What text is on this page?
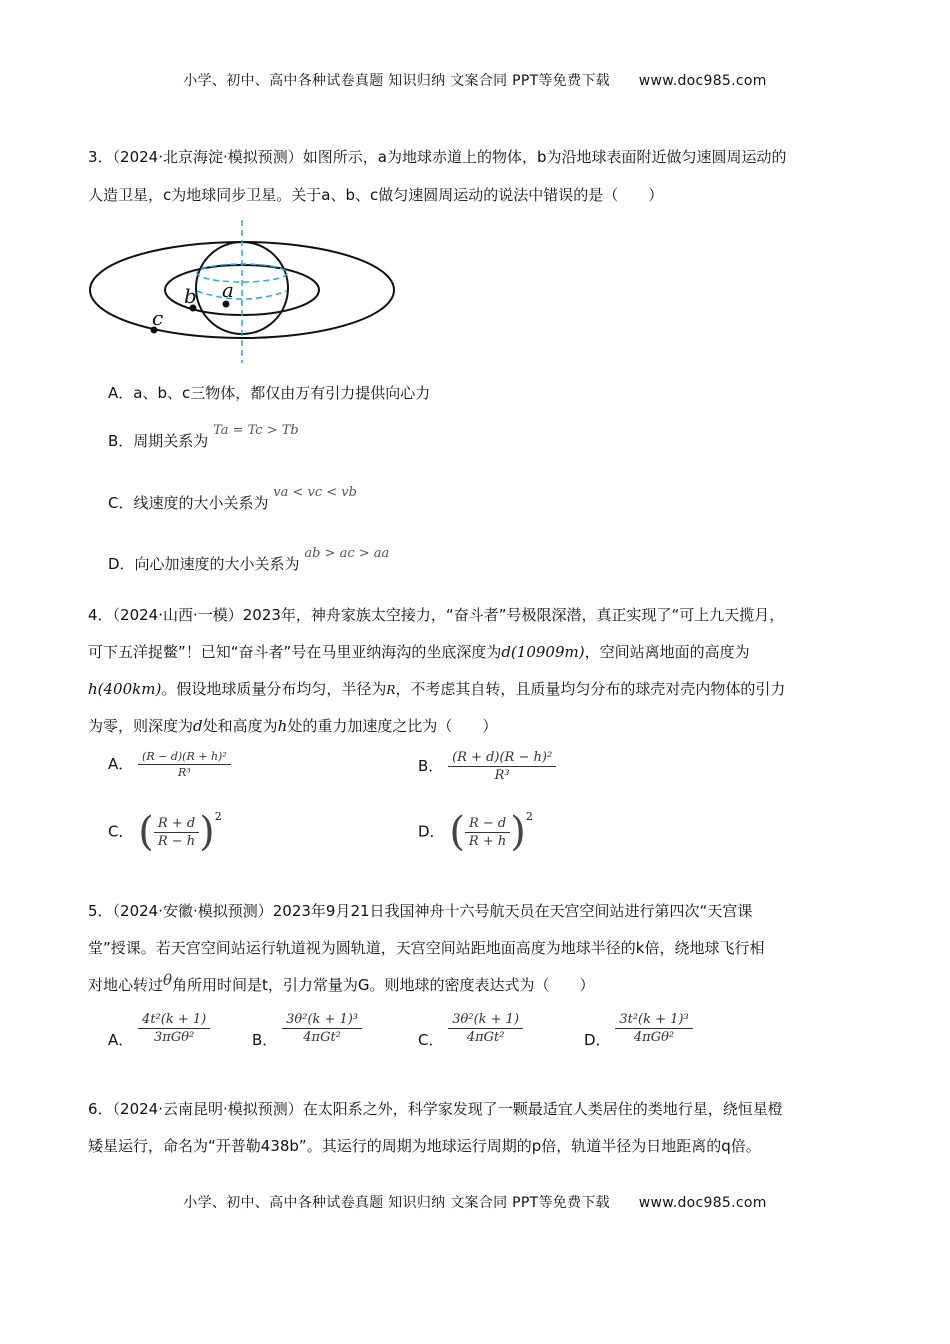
小学、初中、高中各种试卷真题 知识归纳 文案合同 PPT等免费下载 www.doc985.com
3．（2024·北京海淀·模拟预测）如图所示，a为地球赤道上的物体，b为沿地球表面附近做匀速圆周运动的
人造卫星，c为地球同步卫星。关于a、b、c做匀速圆周运动的说法中错误的是（　　）
a
b
c
A．a、b、c三物体，都仅由万有引力提供向心力
B．周期关系为 Ta = Tc > Tb
C．线速度的大小关系为 va < vc < vb
D．向心加速度的大小关系为 ab > ac > aa
4．（2024·山西·一模）2023年，神舟家族太空接力，“奋斗者”号极限深潜，真正实现了“可上九天揽月，
可下五洋捉鳖”！已知“奋斗者”号在马里亚纳海沟的坐底深度为d(10909m)，空间站离地面的高度为
h(400km)。假设地球质量分布均匀，半径为R，不考虑其自转，且质量均匀分布的球壳对壳内物体的引力
为零，则深度为d处和高度为h处的重力加速度之比为（　　）
A． $\frac{\text{(R − d)(R + h)²}}{\text{R³}}$	B． $\frac{\text{(R + d)(R − h)²}}{\text{R³}}$
C． ( $\frac{R + d}{R - h} )^2$
D． ( $\frac{R - d}{R + h} )^2$
5．（2024·安徽·模拟预测）2023年9月21日我国神舟十六号航天员在天宫空间站进行第四次“天宫课
堂”授课。若天宫空间站运行轨道视为圆轨道，天宫空间站距地面高度为地球半径的k倍，绕地球飞行相
对地心转过θ角所用时间是t，引力常量为G。则地球的密度表达式为（　　）
A． $\frac{\text{4t²(k + 1)}}{\text{3πGθ²}}$	B． $\frac{\text{3θ²(k + 1)³}}{\text{4πGt²}}$	C． $\frac{\text{3θ²(k + 1)}}{\text{4πGt²}}$	D． $\frac{\text{3t²(k + 1)³}}{\text{4πGθ²}}$
6．（2024·云南昆明·模拟预测）在太阳系之外，科学家发现了一颗最适宜人类居住的类地行星，绕恒星橙
矮星运行，命名为“开普勒438b”。其运行的周期为地球运行周期的p倍，轨道半径为日地距离的q倍。
小学、初中、高中各种试卷真题 知识归纳 文案合同 PPT等免费下载 www.doc985.com
